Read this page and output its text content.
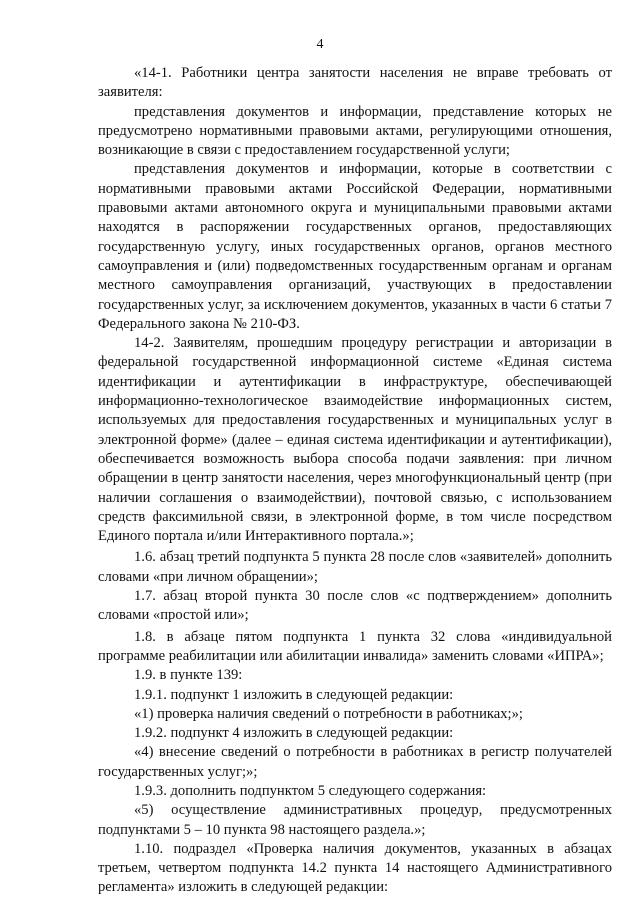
4

«14-1. Работники центра занятости населения не вправе требовать от заявителя:

представления документов и информации, представление которых не предусмотрено нормативными правовыми актами, регулирующими отношения, возникающие в связи с предоставлением государственной услуги;

представления документов и информации, которые в соответствии с нормативными правовыми актами Российской Федерации, нормативными правовыми актами автономного округа и муниципальными правовыми актами находятся в распоряжении государственных органов, предоставляющих государственную услугу, иных государственных органов, органов местного самоуправления и (или) подведомственных государственным органам и органам местного самоуправления организаций, участвующих в предоставлении государственных услуг, за исключением документов, указанных в части 6 статьи 7 Федерального закона № 210-ФЗ.

14-2. Заявителям, прошедшим процедуру регистрации и авторизации в федеральной государственной информационной системе «Единая система идентификации и аутентификации в инфраструктуре, обеспечивающей информационно-технологическое взаимодействие информационных систем, используемых для предоставления государственных и муниципальных услуг в электронной форме» (далее – единая система идентификации и аутентификации), обеспечивается возможность выбора способа подачи заявления: при личном обращении в центр занятости населения, через многофункциональный центр (при наличии соглашения о взаимодействии), почтовой связью, с использованием средств факсимильной связи, в электронной форме, в том числе посредством Единого портала и/или Интерактивного портала.»;

1.6. абзац третий подпункта 5 пункта 28 после слов «заявителей» дополнить словами «при личном обращении»;

1.7. абзац второй пункта 30 после слов «с подтверждением» дополнить словами «простой или»;

1.8. в абзаце пятом подпункта 1 пункта 32 слова «индивидуальной программе реабилитации или абилитации инвалида» заменить словами «ИПРА»;

1.9. в пункте 139:

1.9.1. подпункт 1 изложить в следующей редакции:

«1) проверка наличия сведений о потребности в работниках;»;

1.9.2. подпункт 4 изложить в следующей редакции:

«4) внесение сведений о потребности в работниках в регистр получателей государственных услуг;»;

1.9.3. дополнить подпунктом 5 следующего содержания:

«5) осуществление административных процедур, предусмотренных подпунктами 5 – 10 пункта 98 настоящего раздела.»;

1.10. подраздел «Проверка наличия документов, указанных в абзацах третьем, четвертом подпункта 14.2 пункта 14 настоящего Административного регламента» изложить в следующей редакции:
